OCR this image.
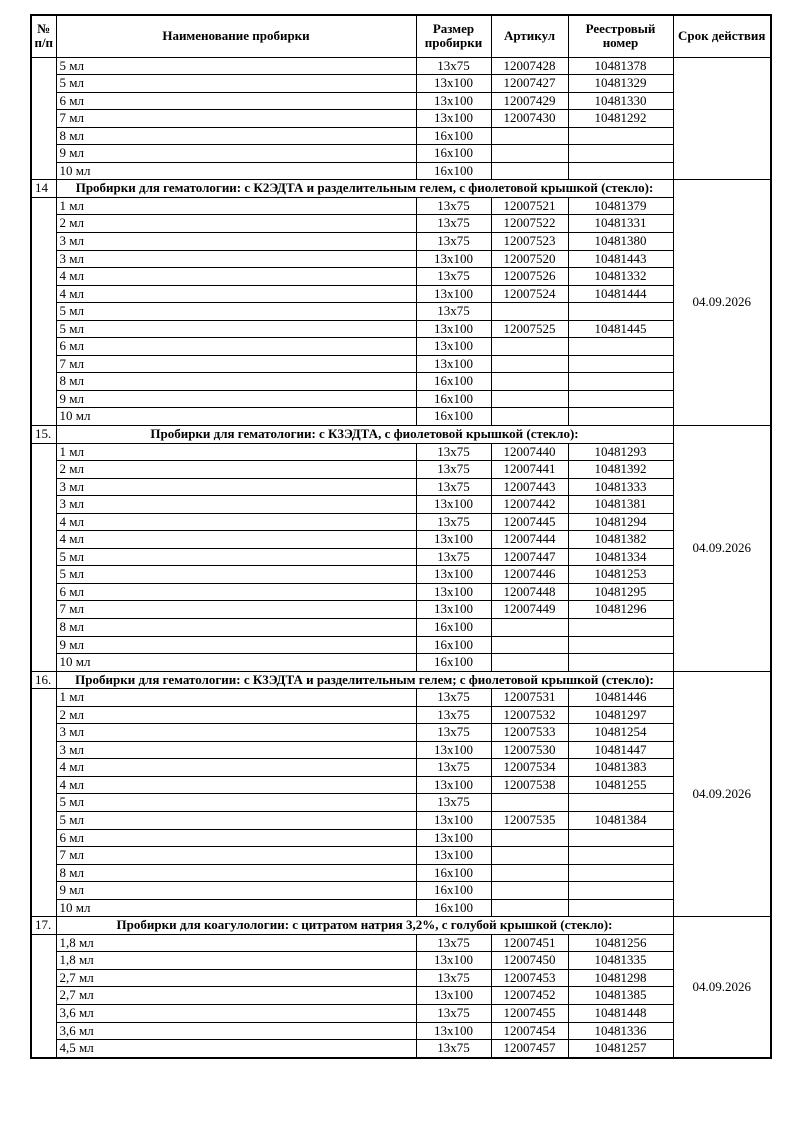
№ п/п	Наименование пробирки	Размер пробирки	Артикул	Реестровый номер	Срок действия
	5 мл	13х75	12007428	10481378	
	5 мл	13х100	12007427	10481329	
	6 мл	13х100	12007429	10481330	
	7 мл	13х100	12007430	10481292	
	8 мл	16х100			
	9 мл	16х100			
	10 мл	16х100			
14	Пробирки для гематологии: с К2ЭДТА и разделительным гелем, с фиолетовой крышкой (стекло):				04.09.2026
	1 мл	13х75	12007521	10481379	
	2 мл	13х75	12007522	10481331	
	3 мл	13х75	12007523	10481380	
	3 мл	13х100	12007520	10481443	
	4 мл	13х75	12007526	10481332	
	4 мл	13х100	12007524	10481444	
	5 мл	13х75			
	5 мл	13х100	12007525	10481445	
	6 мл	13х100			
	7 мл	13х100			
	8 мл	16х100			
	9 мл	16х100			
	10 мл	16х100			
15.	Пробирки для гематологии: с К3ЭДТА, с фиолетовой крышкой (стекло):				04.09.2026
	1 мл	13х75	12007440	10481293	
	2 мл	13х75	12007441	10481392	
	3 мл	13х75	12007443	10481333	
	3 мл	13х100	12007442	10481381	
	4 мл	13х75	12007445	10481294	
	4 мл	13х100	12007444	10481382	
	5 мл	13х75	12007447	10481334	
	5 мл	13х100	12007446	10481253	
	6 мл	13х100	12007448	10481295	
	7 мл	13х100	12007449	10481296	
	8 мл	16х100			
	9 мл	16х100			
	10 мл	16х100			
16.	Пробирки для гематологии: с К3ЭДТА и разделительным гелем; с фиолетовой крышкой (стекло):				04.09.2026
	1 мл	13х75	12007531	10481446	
	2 мл	13х75	12007532	10481297	
	3 мл	13х75	12007533	10481254	
	3 мл	13х100	12007530	10481447	
	4 мл	13х75	12007534	10481383	
	4 мл	13х100	12007538	10481255	
	5 мл	13х75			
	5 мл	13х100	12007535	10481384	
	6 мл	13х100			
	7 мл	13х100			
	8 мл	16х100			
	9 мл	16х100			
	10 мл	16х100			
17.	Пробирки для коагулологии: с цитратом натрия 3,2%, с голубой крышкой (стекло):				04.09.2026
	1,8 мл	13х75	12007451	10481256	
	1,8 мл	13х100	12007450	10481335	
	2,7 мл	13х75	12007453	10481298	
	2,7 мл	13х100	12007452	10481385	
	3,6 мл	13х75	12007455	10481448	
	3,6 мл	13х100	12007454	10481336	
	4,5 мл	13х75	12007457	10481257	
